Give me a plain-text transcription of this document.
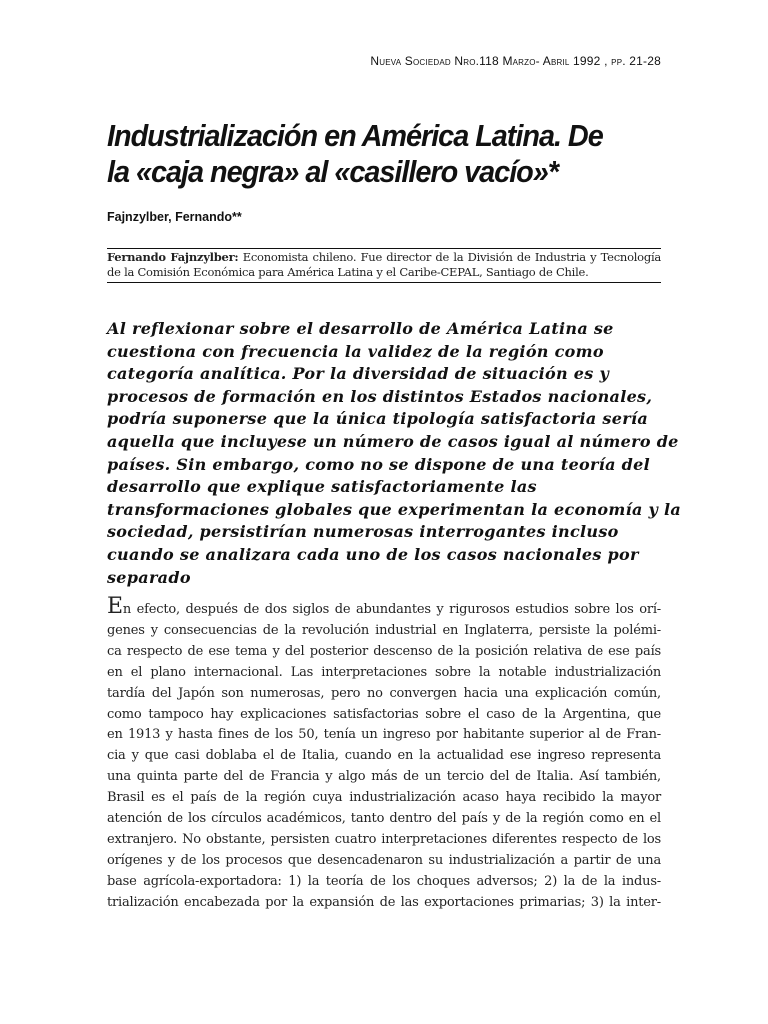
Nueva Sociedad Nro.118 Marzo- Abril 1992 , pp. 21-28
Industrialización en América Latina. De
la «caja negra» al «casillero vacío»*
Fajnzylber, Fernando**
Fernando Fajnzylber: Economista chileno. Fue director de la División de Industria y Tecnología de la Comisión Económica para América Latina y el Caribe-CEPAL, Santiago de Chile.
Al reflexionar sobre el desarrollo de América Latina se
cuestiona con frecuencia la validez de la región como
categoría analítica. Por la diversidad de situación es y
procesos de formación en los distintos Estados nacionales,
podría suponerse que la única tipología satisfactoria sería
aquella que incluyese un número de casos igual al número de
países. Sin embargo, como no se dispone de una teoría del
desarrollo que explique satisfactoriamente las
transformaciones globales que experimentan la economía y la
sociedad, persistirían numerosas interrogantes incluso
cuando se analizara cada uno de los casos nacionales por
separado
En efecto, después de dos siglos de abundantes y rigurosos estudios sobre los orí-
genes y consecuencias de la revolución industrial en Inglaterra, persiste la polémi-
ca respecto de ese tema y del posterior descenso de la posición relativa de ese país
en el plano internacional. Las interpretaciones sobre la notable industrialización
tardía del Japón son numerosas, pero no convergen hacia una explicación común,
como tampoco hay explicaciones satisfactorias sobre el caso de la Argentina, que
en 1913 y hasta fines de los 50, tenía un ingreso por habitante superior al de Fran-
cia y que casi doblaba el de Italia, cuando en la actualidad ese ingreso representa
una quinta parte del de Francia y algo más de un tercio del de Italia. Así también,
Brasil es el país de la región cuya industrialización acaso haya recibido la mayor
atención de los círculos académicos, tanto dentro del país y de la región como en el
extranjero. No obstante, persisten cuatro interpretaciones diferentes respecto de los
orígenes y de los procesos que desencadenaron su industrialización a partir de una
base agrícola-exportadora: 1) la teoría de los choques adversos; 2) la de la indus-
trialización encabezada por la expansión de las exportaciones primarias; 3) la inter-
